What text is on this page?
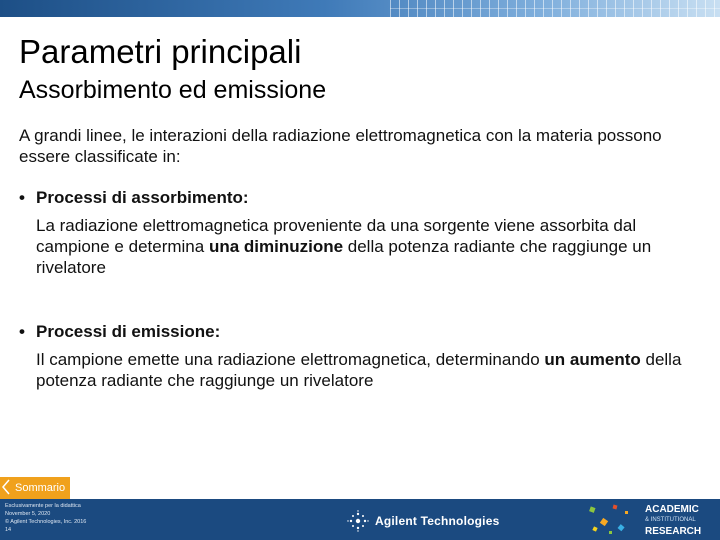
Parametri principali
Assorbimento ed emissione

A grandi linee, le interazioni della radiazione elettromagnetica con la materia possono essere classificate in:

• Processi di assorbimento:
La radiazione elettromagnetica proveniente da una sorgente viene assorbita dal campione e determina una diminuzione della potenza radiante che raggiunge un rivelatore
• Processi di emissione:
Il campione emette una radiazione elettromagnetica, determinando un aumento della potenza radiante che raggiunge un rivelatore
Sommario
Esclusivamente per la didattica
November 5, 2020
© Agilent Technologies, Inc. 2016
14
Agilent Technologies
ACADEMIC
& INSTITUTIONAL
RESEARCH
